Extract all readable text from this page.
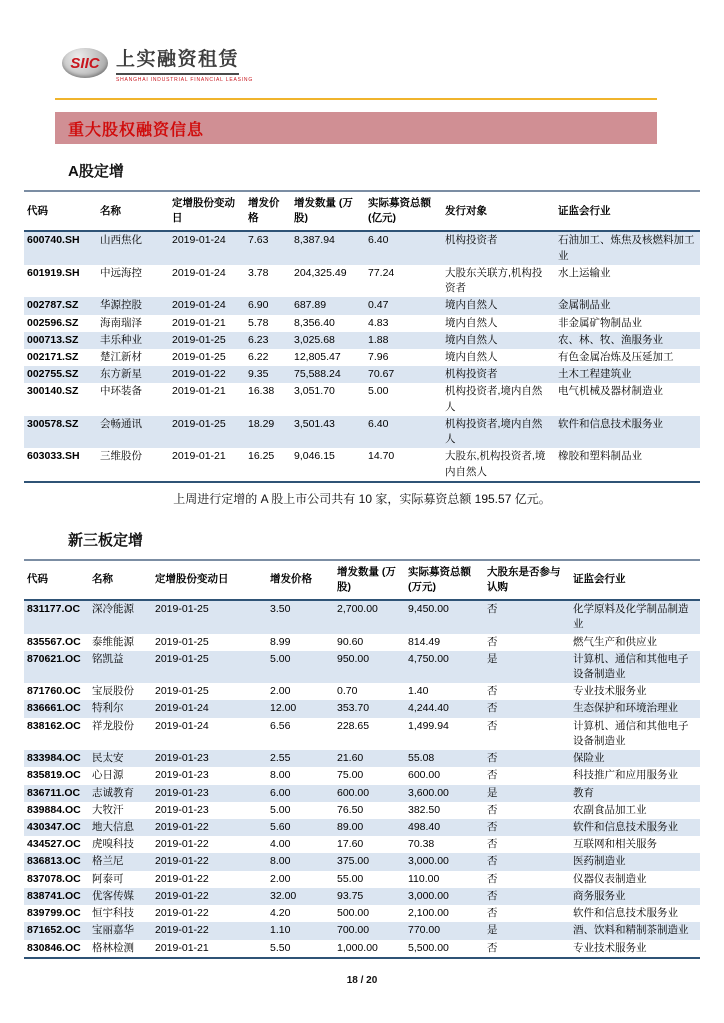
SIIC 上实融资租赁
SHANGHAI INDUSTRIAL FINANCIAL LEASING
重大股权融资信息
A股定增
代码	名称	定增股份变动日	增发价格	增发数量 (万股)	实际募资总额(亿元)	发行对象	证监会行业
600740.SH	山西焦化	2019-01-24	7.63	8,387.94	6.40	机构投资者	石油加工、炼焦及核燃料加工业
601919.SH	中远海控	2019-01-24	3.78	204,325.49	77.24	大股东关联方,机构投资者	水上运输业
002787.SZ	华源控股	2019-01-24	6.90	687.89	0.47	境内自然人	金属制品业
002596.SZ	海南瑞泽	2019-01-21	5.78	8,356.40	4.83	境内自然人	非金属矿物制品业
000713.SZ	丰乐种业	2019-01-25	6.23	3,025.68	1.88	境内自然人	农、林、牧、渔服务业
002171.SZ	楚江新材	2019-01-25	6.22	12,805.47	7.96	境内自然人	有色金属冶炼及压延加工
002755.SZ	东方新星	2019-01-22	9.35	75,588.24	70.67	机构投资者	土木工程建筑业
300140.SZ	中环装备	2019-01-21	16.38	3,051.70	5.00	机构投资者,境内自然人	电气机械及器材制造业
300578.SZ	会畅通讯	2019-01-25	18.29	3,501.43	6.40	机构投资者,境内自然人	软件和信息技术服务业
603033.SH	三维股份	2019-01-21	16.25	9,046.15	14.70	大股东,机构投资者,境内自然人	橡胶和塑料制品业
上周进行定增的 A 股上市公司共有 10 家，实际募资总额 195.57 亿元。
新三板定增
代码	名称	定增股份变动日	增发价格	增发数量 (万股)	实际募资总额(万元)	大股东是否参与认购	证监会行业
831177.OC	深冷能源	2019-01-25	3.50	2,700.00	9,450.00	否	化学原料及化学制品制造业
835567.OC	泰维能源	2019-01-25	8.99	90.60	814.49	否	燃气生产和供应业
870621.OC	铭凯益	2019-01-25	5.00	950.00	4,750.00	是	计算机、通信和其他电子设备制造业
871760.OC	宝辰股份	2019-01-25	2.00	0.70	1.40	否	专业技术服务业
836661.OC	特利尔	2019-01-24	12.00	353.70	4,244.40	否	生态保护和环境治理业
838162.OC	祥龙股份	2019-01-24	6.56	228.65	1,499.94	否	计算机、通信和其他电子设备制造业
833984.OC	民太安	2019-01-23	2.55	21.60	55.08	否	保险业
835819.OC	心日源	2019-01-23	8.00	75.00	600.00	否	科技推广和应用服务业
836711.OC	志诚教育	2019-01-23	6.00	600.00	3,600.00	是	教育
839884.OC	大牧汗	2019-01-23	5.00	76.50	382.50	否	农副食品加工业
430347.OC	地大信息	2019-01-22	5.60	89.00	498.40	否	软件和信息技术服务业
434527.OC	虎嗅科技	2019-01-22	4.00	17.60	70.38	否	互联网和相关服务
836813.OC	格兰尼	2019-01-22	8.00	375.00	3,000.00	否	医药制造业
837078.OC	阿泰可	2019-01-22	2.00	55.00	110.00	否	仪器仪表制造业
838741.OC	优客传媒	2019-01-22	32.00	93.75	3,000.00	否	商务服务业
839799.OC	恒宇科技	2019-01-22	4.20	500.00	2,100.00	否	软件和信息技术服务业
871652.OC	宝丽嘉华	2019-01-22	1.10	700.00	770.00	是	酒、饮料和精制茶制造业
830846.OC	格林检测	2019-01-21	5.50	1,000.00	5,500.00	否	专业技术服务业
18 / 20
